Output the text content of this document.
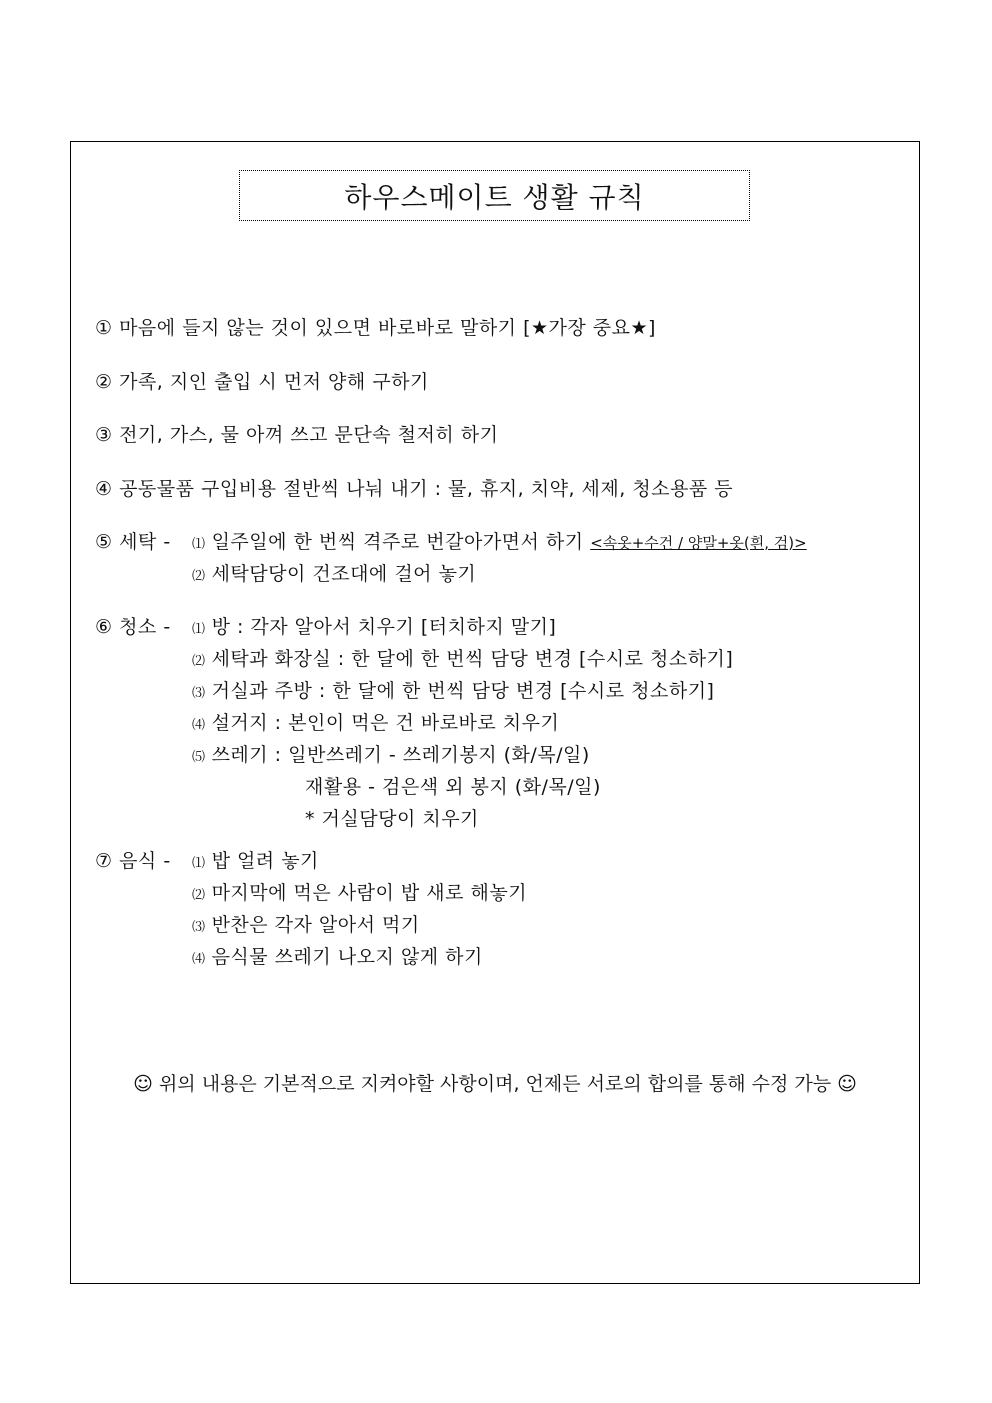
하우스메이트 생활 규칙
① 마음에 들지 않는 것이 있으면 바로바로 말하기 [★가장 중요★]
② 가족, 지인 출입 시 먼저 양해 구하기
③ 전기, 가스, 물 아껴 쓰고 문단속 철저히 하기
④ 공동물품 구입비용 절반씩 나눠 내기 : 물, 휴지, 치약, 세제, 청소용품 등
⑤ 세탁 - ⑴ 일주일에 한 번씩 격주로 번갈아가면서 하기 <속옷+수건 / 양말+옷(흰, 검)>
⑵ 세탁담당이 건조대에 걸어 놓기
⑥ 청소 - ⑴ 방 : 각자 알아서 치우기 [터치하지 말기]
⑵ 세탁과 화장실 : 한 달에 한 번씩 담당 변경 [수시로 청소하기]
⑶ 거실과 주방 : 한 달에 한 번씩 담당 변경 [수시로 청소하기]
⑷ 설거지 : 본인이 먹은 건 바로바로 치우기
⑸ 쓰레기 : 일반쓰레기 - 쓰레기봉지 (화/목/일)
재활용 - 검은색 외 봉지 (화/목/일)
* 거실담당이 치우기
⑦ 음식 - ⑴ 밥 얼려 놓기
⑵ 마지막에 먹은 사람이 밥 새로 해놓기
⑶ 반찬은 각자 알아서 먹기
⑷ 음식물 쓰레기 나오지 않게 하기
☺ 위의 내용은 기본적으로 지켜야할 사항이며, 언제든 서로의 합의를 통해 수정 가능 ☺
